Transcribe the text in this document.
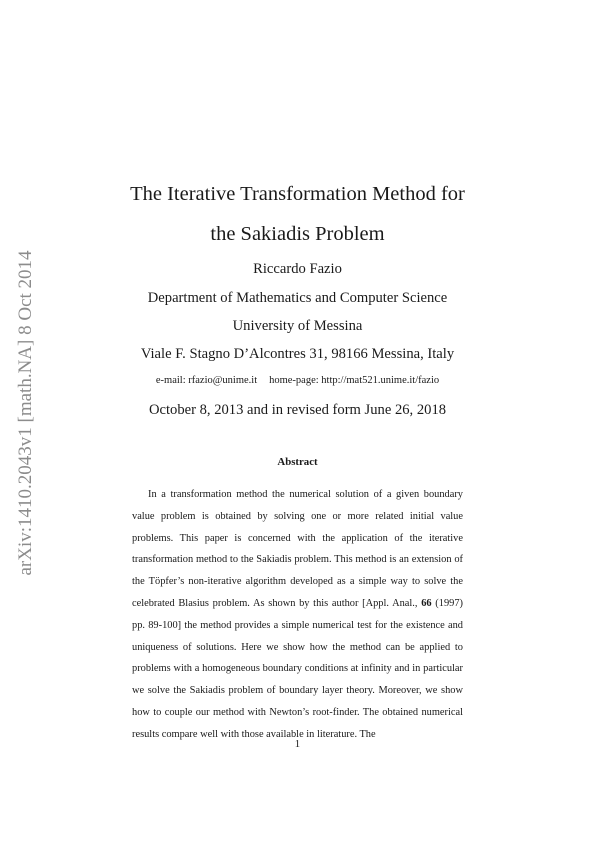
arXiv:1410.2043v1 [math.NA] 8 Oct 2014
The Iterative Transformation Method for
the Sakiadis Problem
Riccardo Fazio
Department of Mathematics and Computer Science
University of Messina
Viale F. Stagno D’Alcontres 31, 98166 Messina, Italy
e-mail: rfazio@unime.it home-page: http://mat521.unime.it/fazio
October 8, 2013 and in revised form June 26, 2018
Abstract

In a transformation method the numerical solution of a given boundary value problem is obtained by solving one or more related initial value problems. This paper is concerned with the application of the iterative transformation method to the Sakiadis problem. This method is an extension of the Töpfer’s non-iterative algorithm developed as a simple way to solve the celebrated Blasius problem. As shown by this author [Appl. Anal., 66 (1997) pp. 89-100] the method provides a simple numerical test for the existence and uniqueness of solutions. Here we show how the method can be applied to problems with a homogeneous boundary conditions at infinity and in particular we solve the Sakiadis problem of boundary layer theory. Moreover, we show how to couple our method with Newton’s root-finder. The obtained numerical results compare well with those available in literature. The

1
